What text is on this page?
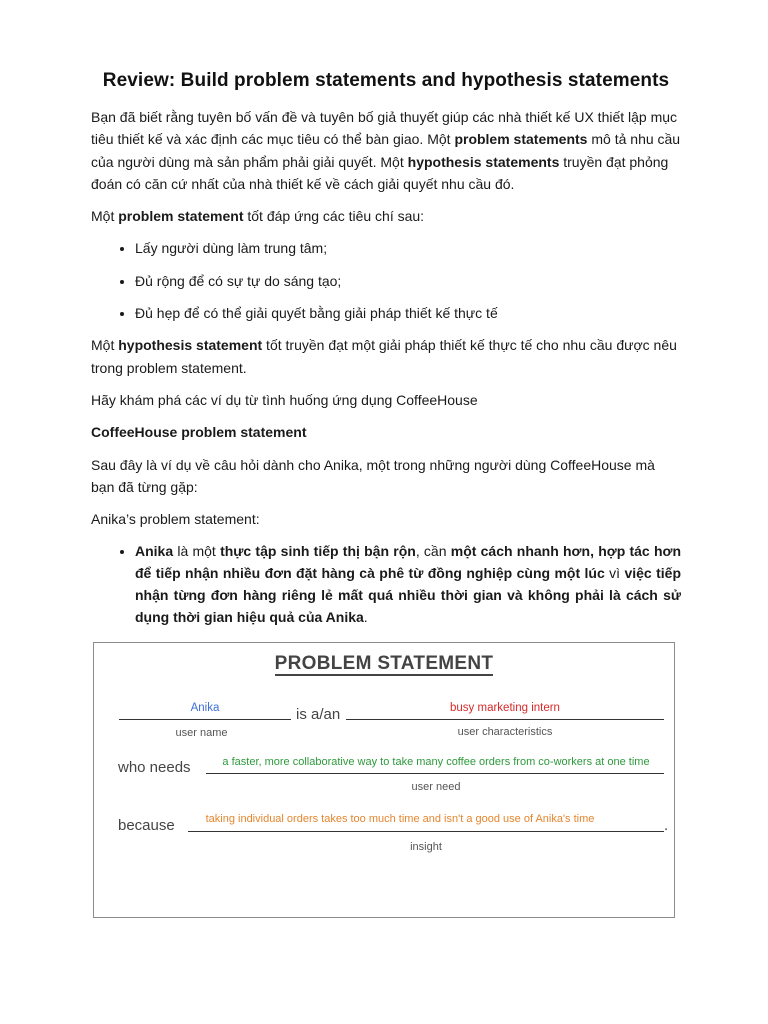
Review: Build problem statements and hypothesis statements

Bạn đã biết rằng tuyên bố vấn đề và tuyên bố giả thuyết giúp các nhà thiết kế UX thiết lập mục tiêu thiết kế và xác định các mục tiêu có thể bàn giao. Một problem statements mô tả nhu cầu của người dùng mà sản phẩm phải giải quyết. Một hypothesis statements truyền đạt phỏng đoán có căn cứ nhất của nhà thiết kế về cách giải quyết nhu cầu đó.

Một problem statement tốt đáp ứng các tiêu chí sau:

• Lấy người dùng làm trung tâm;
• Đủ rộng để có sự tự do sáng tạo;
• Đủ hẹp để có thể giải quyết bằng giải pháp thiết kế thực tế

Một hypothesis statement tốt truyền đạt một giải pháp thiết kế thực tế cho nhu cầu được nêu trong problem statement.

Hãy khám phá các ví dụ từ tình huống ứng dụng CoffeeHouse

CoffeeHouse problem statement

Sau đây là ví dụ về câu hỏi dành cho Anika, một trong những người dùng CoffeeHouse mà bạn đã từng gặp:

Anika’s problem statement:

• Anika là một thực tập sinh tiếp thị bận rộn, cần một cách nhanh hơn, hợp tác hơn để tiếp nhận nhiều đơn đặt hàng cà phê từ đồng nghiệp cùng một lúc vì việc tiếp nhận từng đơn hàng riêng lẻ mất quá nhiều thời gian và không phải là cách sử dụng thời gian hiệu quả của Anika.
PROBLEM STATEMENT
Anika
user name
is a/an	busy marketing intern
user characteristics
who needs	a faster, more collaborative way to take many coffee orders from co-workers at one time
user need
because	taking individual orders takes too much time and isn't a good use of Anika's time	.
insight
